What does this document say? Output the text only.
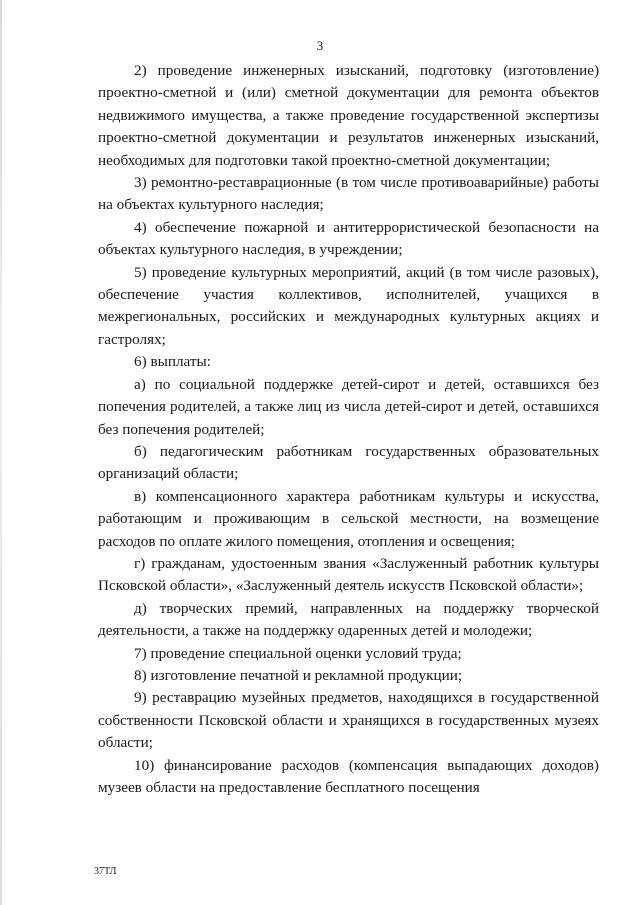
3

2) проведение инженерных изысканий, подготовку (изготовление) проектно-сметной и (или) сметной документации для ремонта объектов недвижимого имущества, а также проведение государственной экспертизы проектно-сметной документации и результатов инженерных изысканий, необходимых для подготовки такой проектно-сметной документации;

3) ремонтно-реставрационные (в том числе противоаварийные) работы на объектах культурного наследия;

4) обеспечение пожарной и антитеррористической безопасности на объектах культурного наследия, в учреждении;

5) проведение культурных мероприятий, акций (в том числе разовых), обеспечение участия коллективов, исполнителей, учащихся в межрегиональных, российских и международных культурных акциях и гастролях;

6) выплаты:

а) по социальной поддержке детей-сирот и детей, оставшихся без попечения родителей, а также лиц из числа детей-сирот и детей, оставшихся без попечения родителей;

б) педагогическим работникам государственных образовательных организаций области;

в) компенсационного характера работникам культуры и искусства, работающим и проживающим в сельской местности, на возмещение расходов по оплате жилого помещения, отопления и освещения;

г) гражданам, удостоенным звания «Заслуженный работник культуры Псковской области», «Заслуженный деятель искусств Псковской области»;

д) творческих премий, направленных на поддержку творческой деятельности, а также на поддержку одаренных детей и молодежи;

7) проведение специальной оценки условий труда;

8) изготовление печатной и рекламной продукции;

9) реставрацию музейных предметов, находящихся в государственной собственности Псковской области и хранящихся в государственных музеях области;

10) финансирование расходов (компенсация выпадающих доходов) музеев области на предоставление бесплатного посещения

37ТЛ
